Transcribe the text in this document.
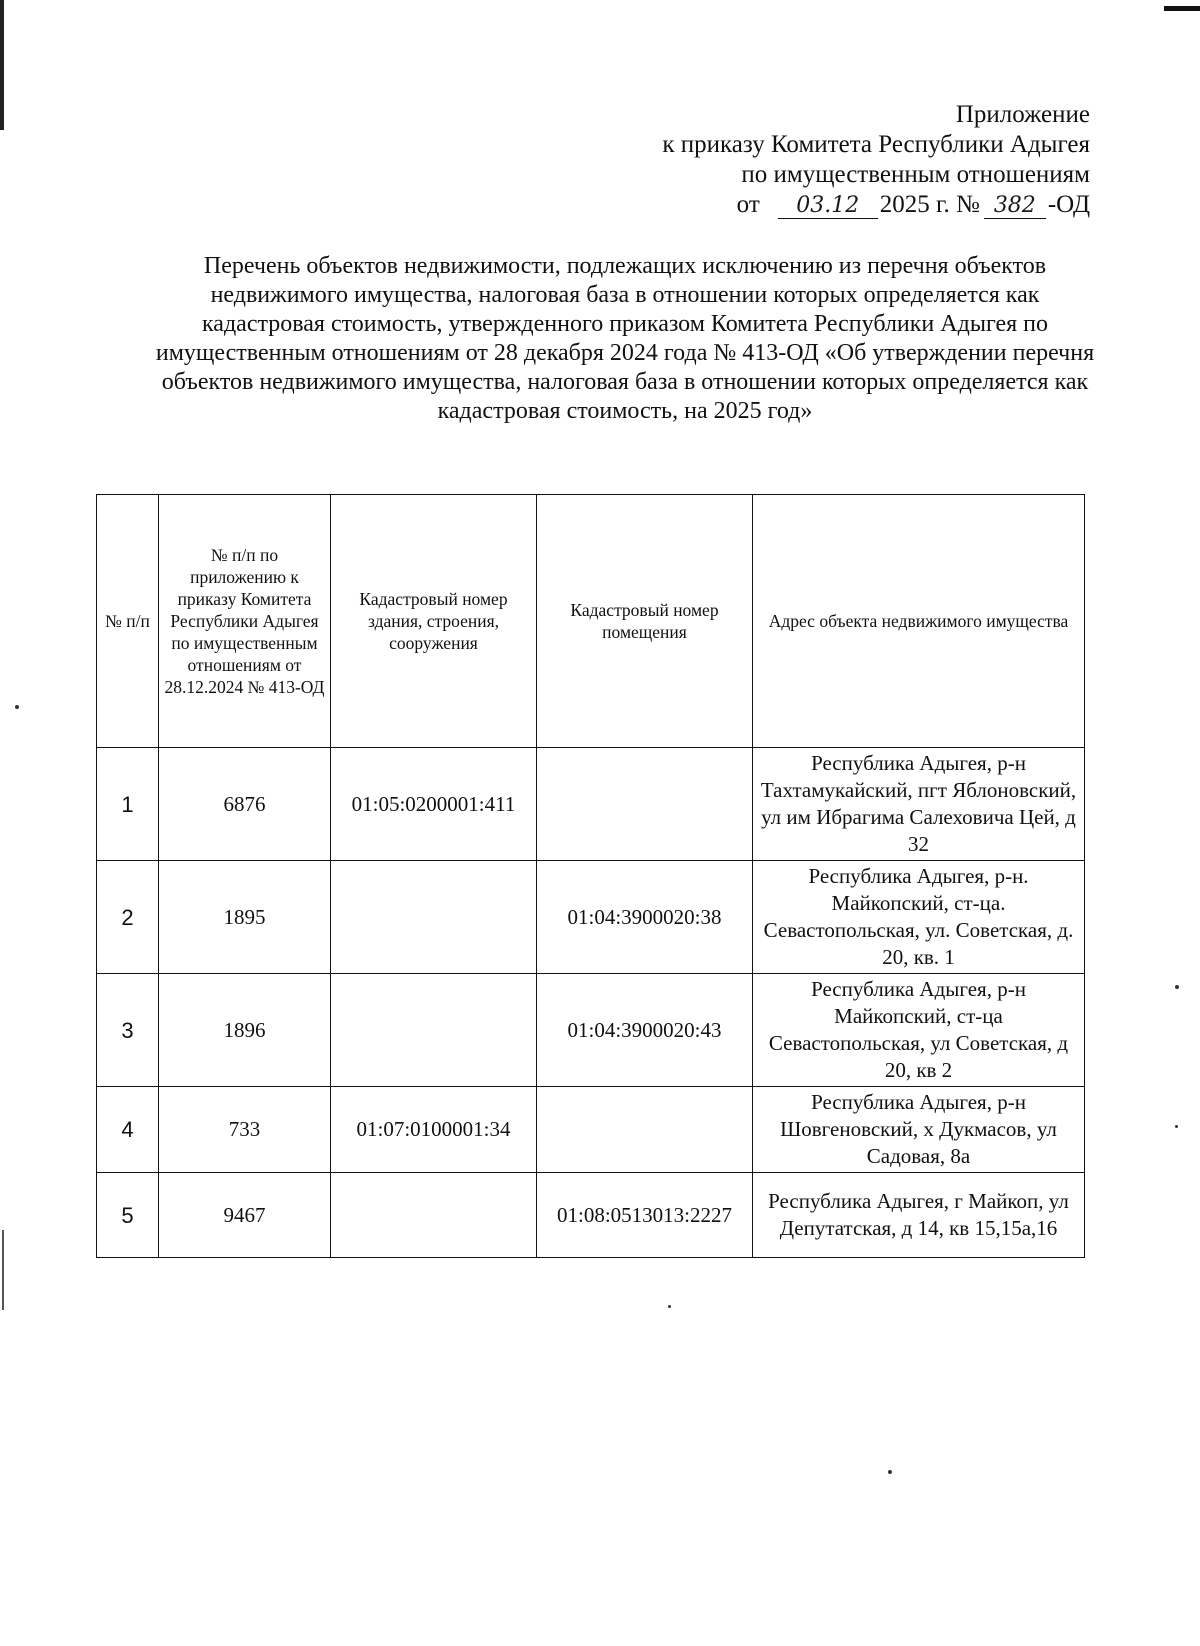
Приложение
к приказу Комитета Республики Адыгея
по имущественным отношениям
от	03.12 2025 г. № 382 -ОД
Перечень объектов недвижимости, подлежащих исключению из перечня объектов недвижимого имущества, налоговая база в отношении которых определяется как кадастровая стоимость, утвержденного приказом Комитета Республики Адыгея по имущественным отношениям от 28 декабря 2024 года № 413-ОД «Об утверждении перечня объектов недвижимого имущества, налоговая база в отношении которых определяется как кадастровая стоимость, на 2025 год»
№ п/п	№ п/п по приложению к приказу Комитета Республики Адыгея по имущественным отношениям от 28.12.2024 № 413-ОД	Кадастровый номер здания, строения, сооружения	Кадастровый номер помещения	Адрес объекта недвижимого имущества
1	6876	01:05:0200001:411		Республика Адыгея, р-н Тахтамукайский, пгт Яблоновский, ул им Ибрагима Салеховича Цей, д 32
2	1895		01:04:3900020:38	Республика Адыгея, р-н. Майкопский, ст-ца. Севастопольская, ул. Советская, д. 20, кв. 1
3	1896		01:04:3900020:43	Республика Адыгея, р-н Майкопский, ст-ца Севастопольская, ул Советская, д 20, кв 2
4	733	01:07:0100001:34		Республика Адыгея, р-н Шовгеновский, х Дукмасов, ул Садовая, 8а
5	9467		01:08:0513013:2227	Республика Адыгея, г Майкоп, ул Депутатская, д 14, кв 15,15а,16
